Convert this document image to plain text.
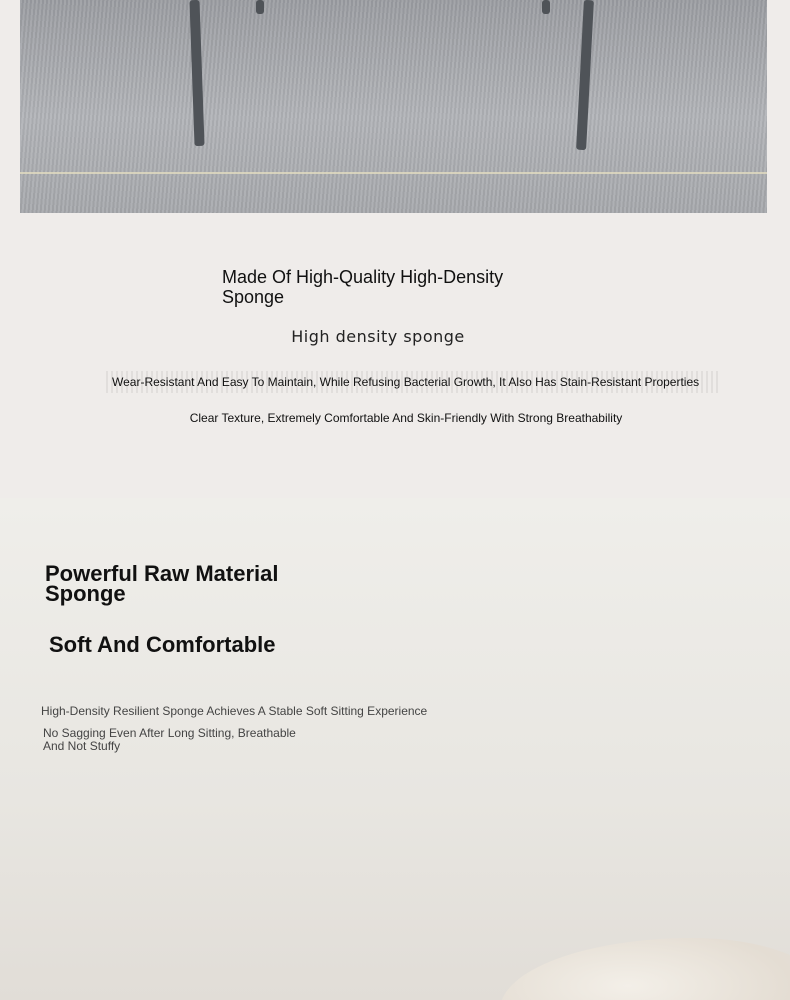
Made Of High-Quality High-Density Sponge
High density sponge
Wear-Resistant And Easy To Maintain, While Refusing Bacterial Growth, It Also Has Stain-Resistant Properties
Clear Texture, Extremely Comfortable And Skin-Friendly With Strong Breathability
Powerful Raw Material Sponge
Soft And Comfortable
High-Density Resilient Sponge Achieves A Stable Soft Sitting Experience
No Sagging Even After Long Sitting, Breathable And Not Stuffy
